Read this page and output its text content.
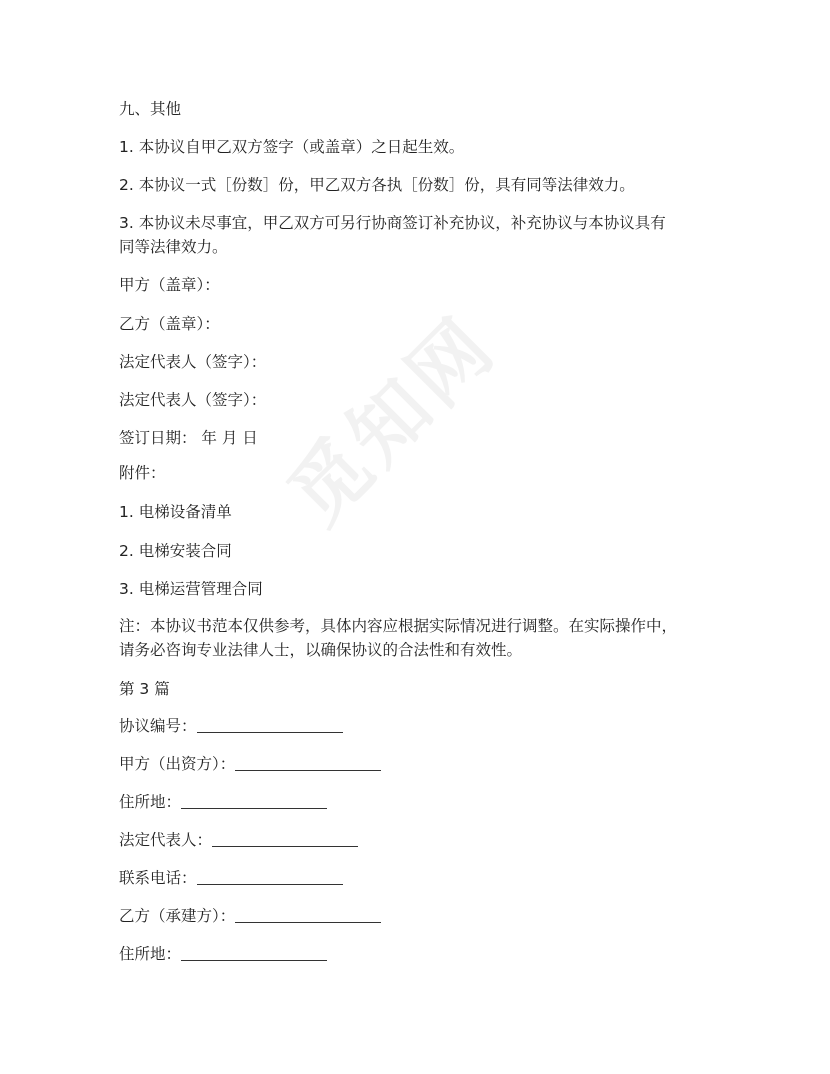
觅知网
九、其他
1. 本协议自甲乙双方签字（或盖章）之日起生效。
2. 本协议一式［份数］份，甲乙双方各执［份数］份，具有同等法律效力。
3. 本协议未尽事宜，甲乙双方可另行协商签订补充协议，补充协议与本协议具有
同等法律效力。
甲方（盖章）：
乙方（盖章）：
法定代表人（签字）：
法定代表人（签字）：
签订日期： 年 月 日
附件：
1. 电梯设备清单
2. 电梯安装合同
3. 电梯运营管理合同
注：本协议书范本仅供参考，具体内容应根据实际情况进行调整。在实际操作中，
请务必咨询专业法律人士，以确保协议的合法性和有效性。
第 3 篇
协议编号：
甲方（出资方）：
住所地：
法定代表人：
联系电话：
乙方（承建方）：
住所地：
